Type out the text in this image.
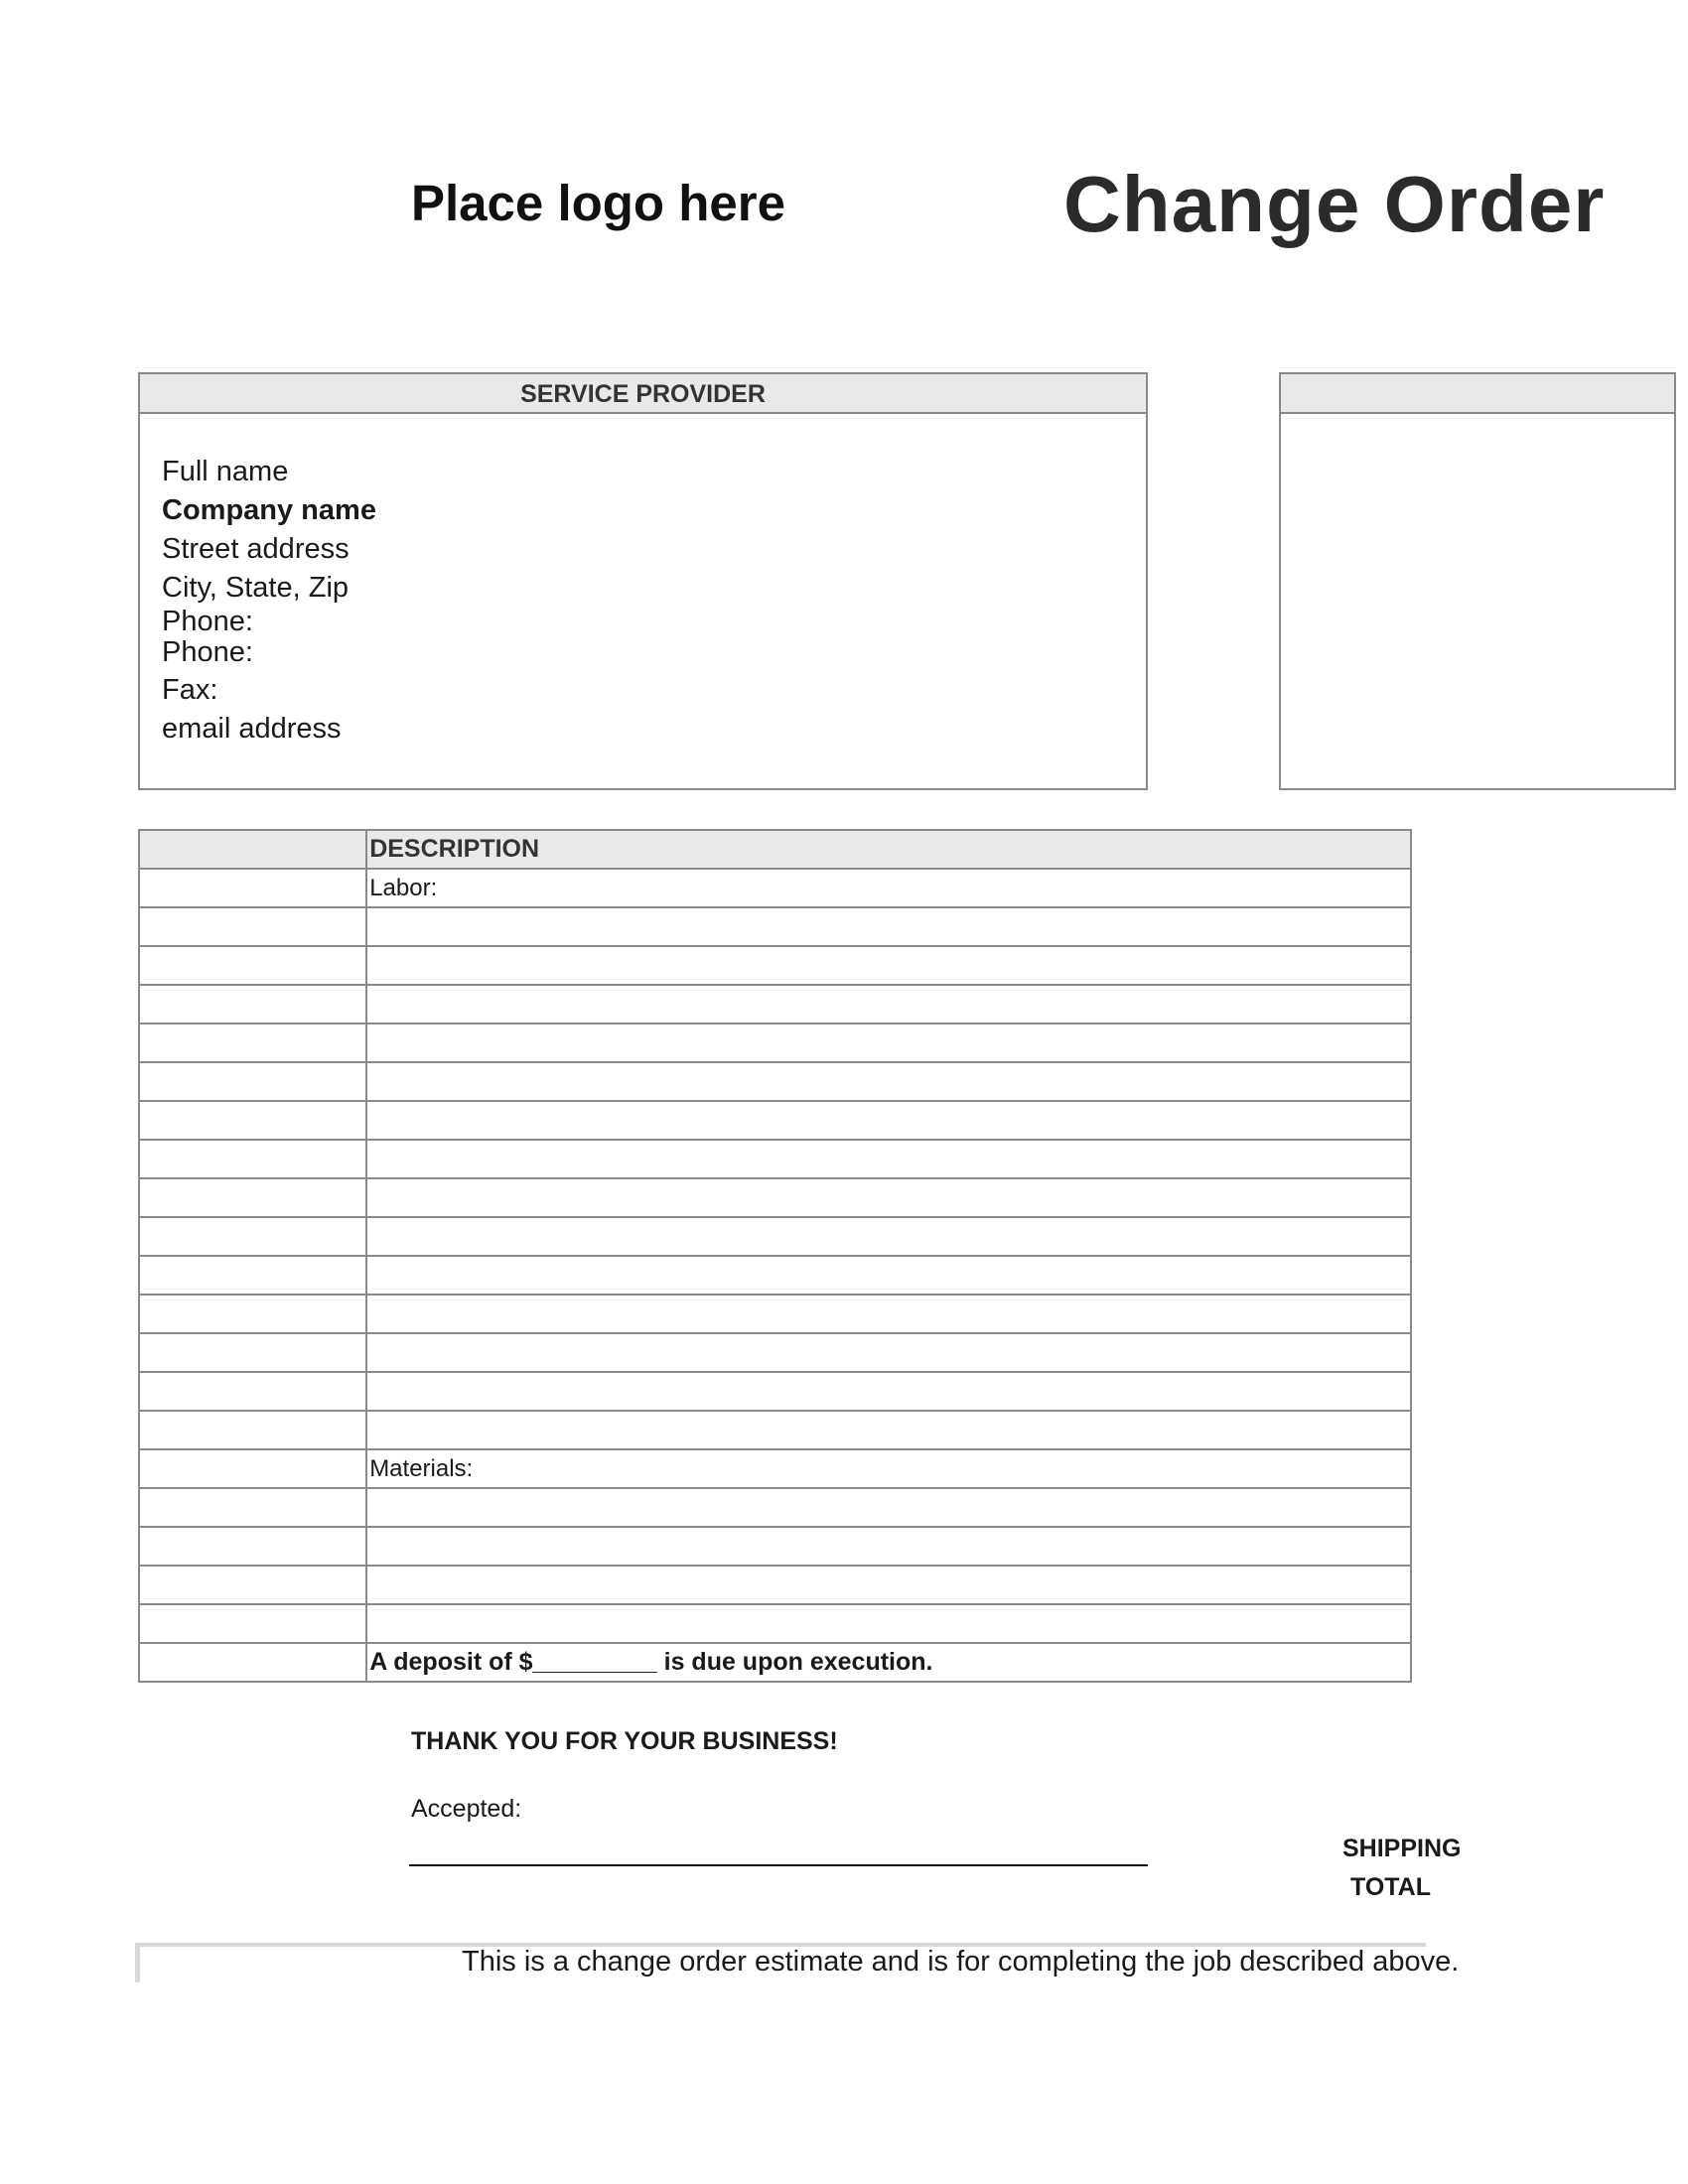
Place logo here	Change Order
SERVICE PROVIDER
Full name
Company name
Street address
City, State, Zip
Phone:
Phone:
Fax:
email address
	DESCRIPTION
	Labor:

	Materials:

	A deposit of $_________ is due upon execution.
THANK YOU FOR YOUR BUSINESS!
Accepted:
SHIPPING
TOTAL
This is a change order estimate and is for completing the job described above.
